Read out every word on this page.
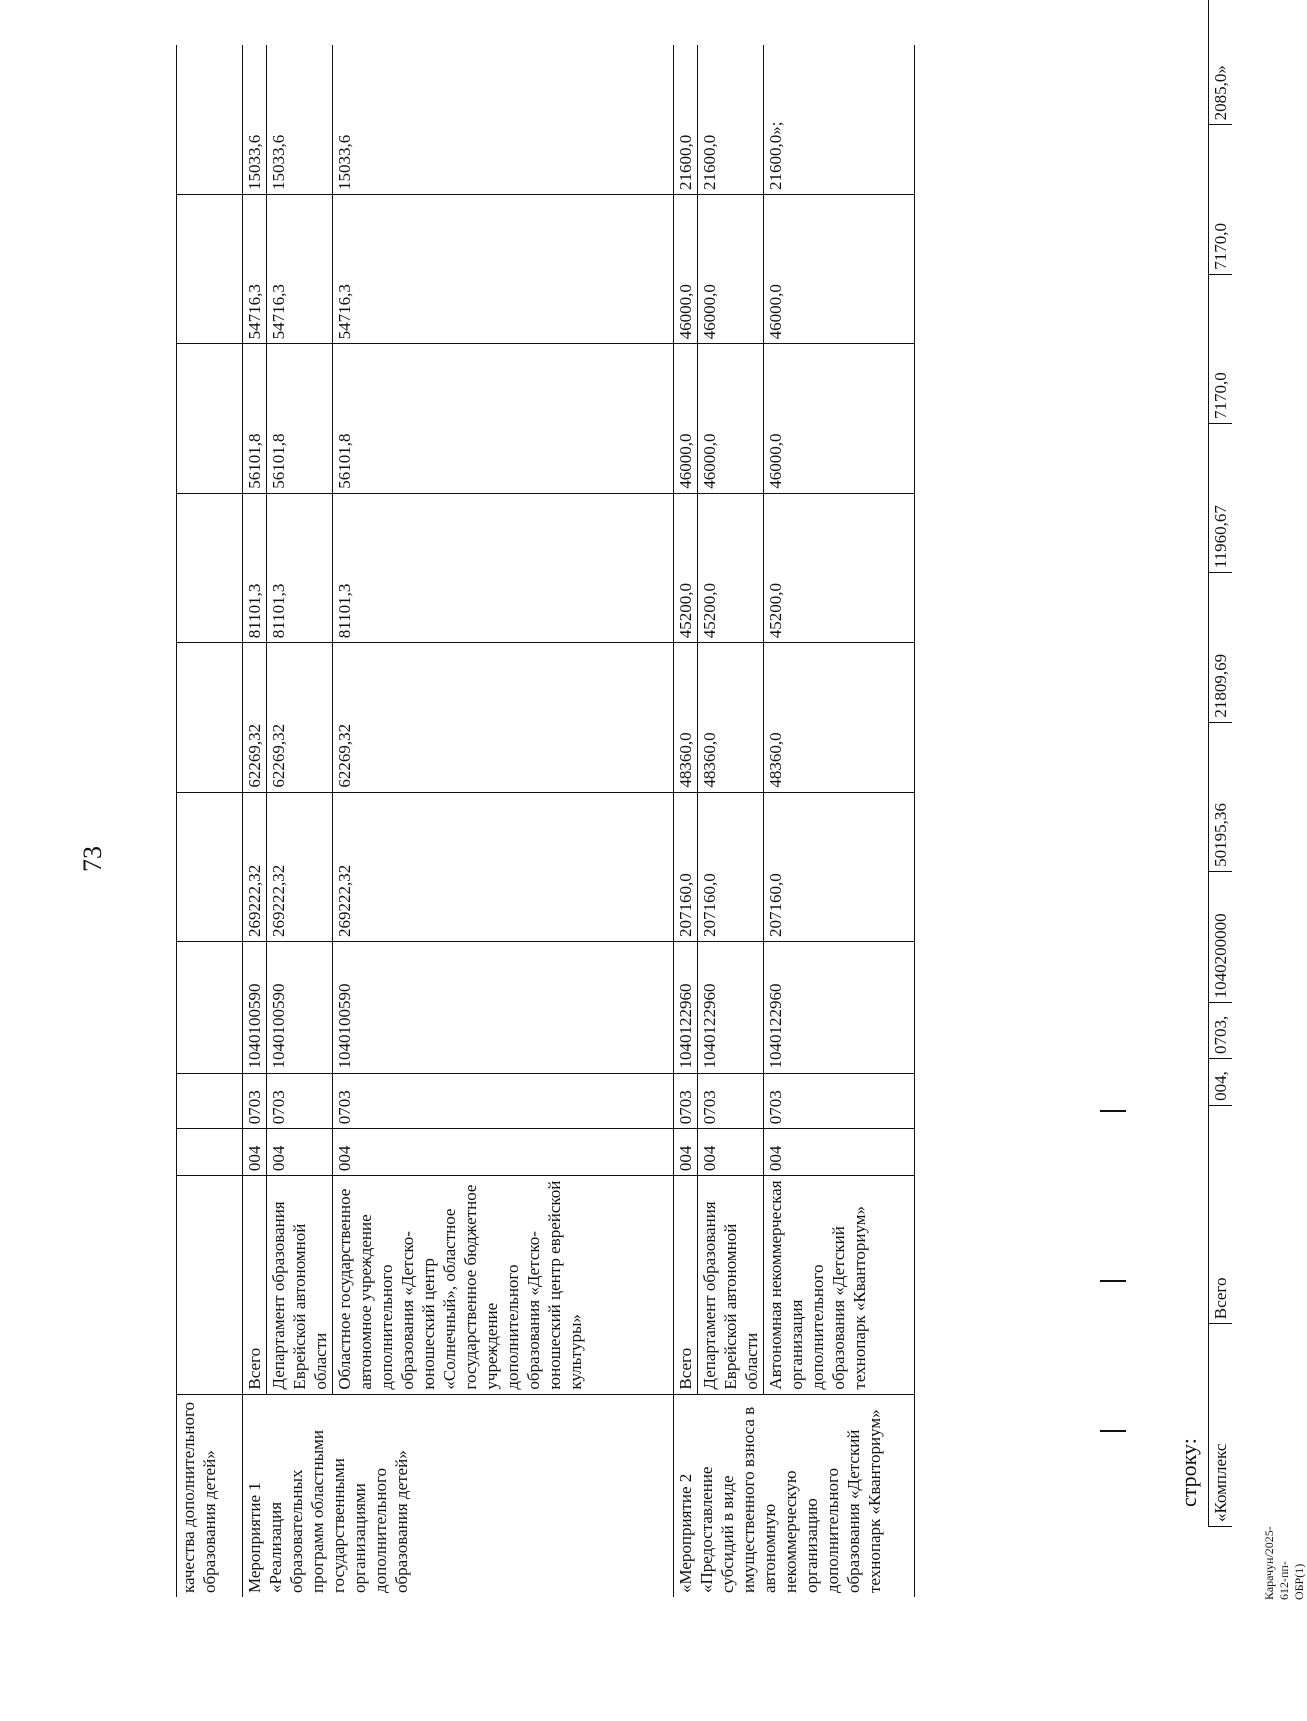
73
качества дополнительного образования детей»										
Мероприятие 1 «Реализация образовательных программ областными государственными организациями дополнительного образования детей»	Всего	004	0703	1040100590	269222,32	62269,32	81101,3	56101,8	54716,3	15033,6
	Департамент образования Еврейской автономной области	004	0703	1040100590	269222,32	62269,32	81101,3	56101,8	54716,3	15033,6
	Областное государственное автономное учреждение дополнительного образования «Детско-юношеский центр «Солнечный», областное государственное бюджетное учреждение дополнительного образования «Детско-юношеский центр еврейской культуры»	004	0703	1040100590	269222,32	62269,32	81101,3	56101,8	54716,3	15033,6
«Мероприятие 2 «Предоставление субсидий в виде имущественного взноса в автономную некоммерческую организацию дополнительного образования «Детский технопарк «Кванториум»	Всего	004	0703	1040122960	207160,0	48360,0	45200,0	46000,0	46000,0	21600,0
	Департамент образования Еврейской автономной области	004	0703	1040122960	207160,0	48360,0	45200,0	46000,0	46000,0	21600,0
	Автономная некоммерческая организация дополнительного образования «Детский технопарк «Кванториум»	004	0703	1040122960	207160,0	48360,0	45200,0	46000,0	46000,0	21600,0»;
строку: «Комплекс	Всего	004,	0703,	1040200000	50195,36	21809,69	11960,67	7170,0	7170,0	2085,0»
Карачун/2025-612-пп-ОБР(1)
